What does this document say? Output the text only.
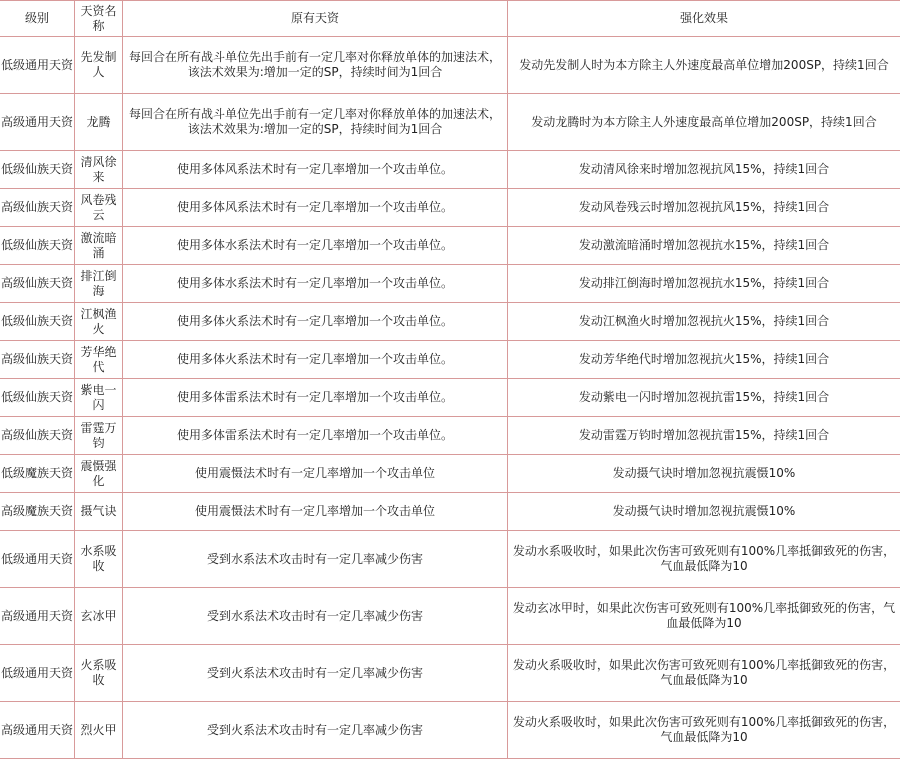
级别	天资名称	原有天资	强化效果
低级通用天资	先发制人	每回合在所有战斗单位先出手前有一定几率对你释放单体的加速法术，该法术效果为:增加一定的SP，持续时间为1回合	发动先发制人时为本方除主人外速度最高单位增加200SP，持续1回合
高级通用天资	龙腾	每回合在所有战斗单位先出手前有一定几率对你释放单体的加速法术，该法术效果为:增加一定的SP，持续时间为1回合	发动龙腾时为本方除主人外速度最高单位增加200SP，持续1回合
低级仙族天资	清风徐来	使用多体风系法术时有一定几率增加一个攻击单位。	发动清风徐来时增加忽视抗风15%，持续1回合
高级仙族天资	风卷残云	使用多体风系法术时有一定几率增加一个攻击单位。	发动风卷残云时增加忽视抗风15%，持续1回合
低级仙族天资	激流暗涌	使用多体水系法术时有一定几率增加一个攻击单位。	发动激流暗涌时增加忽视抗水15%，持续1回合
高级仙族天资	排江倒海	使用多体水系法术时有一定几率增加一个攻击单位。	发动排江倒海时增加忽视抗水15%，持续1回合
低级仙族天资	江枫渔火	使用多体火系法术时有一定几率增加一个攻击单位。	发动江枫渔火时增加忽视抗火15%，持续1回合
高级仙族天资	芳华绝代	使用多体火系法术时有一定几率增加一个攻击单位。	发动芳华绝代时增加忽视抗火15%，持续1回合
低级仙族天资	紫电一闪	使用多体雷系法术时有一定几率增加一个攻击单位。	发动紫电一闪时增加忽视抗雷15%，持续1回合
高级仙族天资	雷霆万钧	使用多体雷系法术时有一定几率增加一个攻击单位。	发动雷霆万钧时增加忽视抗雷15%，持续1回合
低级魔族天资	震慑强化	使用震慑法术时有一定几率增加一个攻击单位	发动摄气诀时增加忽视抗震慑10%
高级魔族天资	摄气诀	使用震慑法术时有一定几率增加一个攻击单位	发动摄气诀时增加忽视抗震慑10%
低级通用天资	水系吸收	受到水系法术攻击时有一定几率减少伤害	发动水系吸收时，如果此次伤害可致死则有100%几率抵御致死的伤害，气血最低降为10
高级通用天资	玄冰甲	受到水系法术攻击时有一定几率减少伤害	发动玄冰甲时，如果此次伤害可致死则有100%几率抵御致死的伤害，气血最低降为10
低级通用天资	火系吸收	受到火系法术攻击时有一定几率减少伤害	发动火系吸收时，如果此次伤害可致死则有100%几率抵御致死的伤害，气血最低降为10
高级通用天资	烈火甲	受到火系法术攻击时有一定几率减少伤害	发动火系吸收时，如果此次伤害可致死则有100%几率抵御致死的伤害，气血最低降为10
